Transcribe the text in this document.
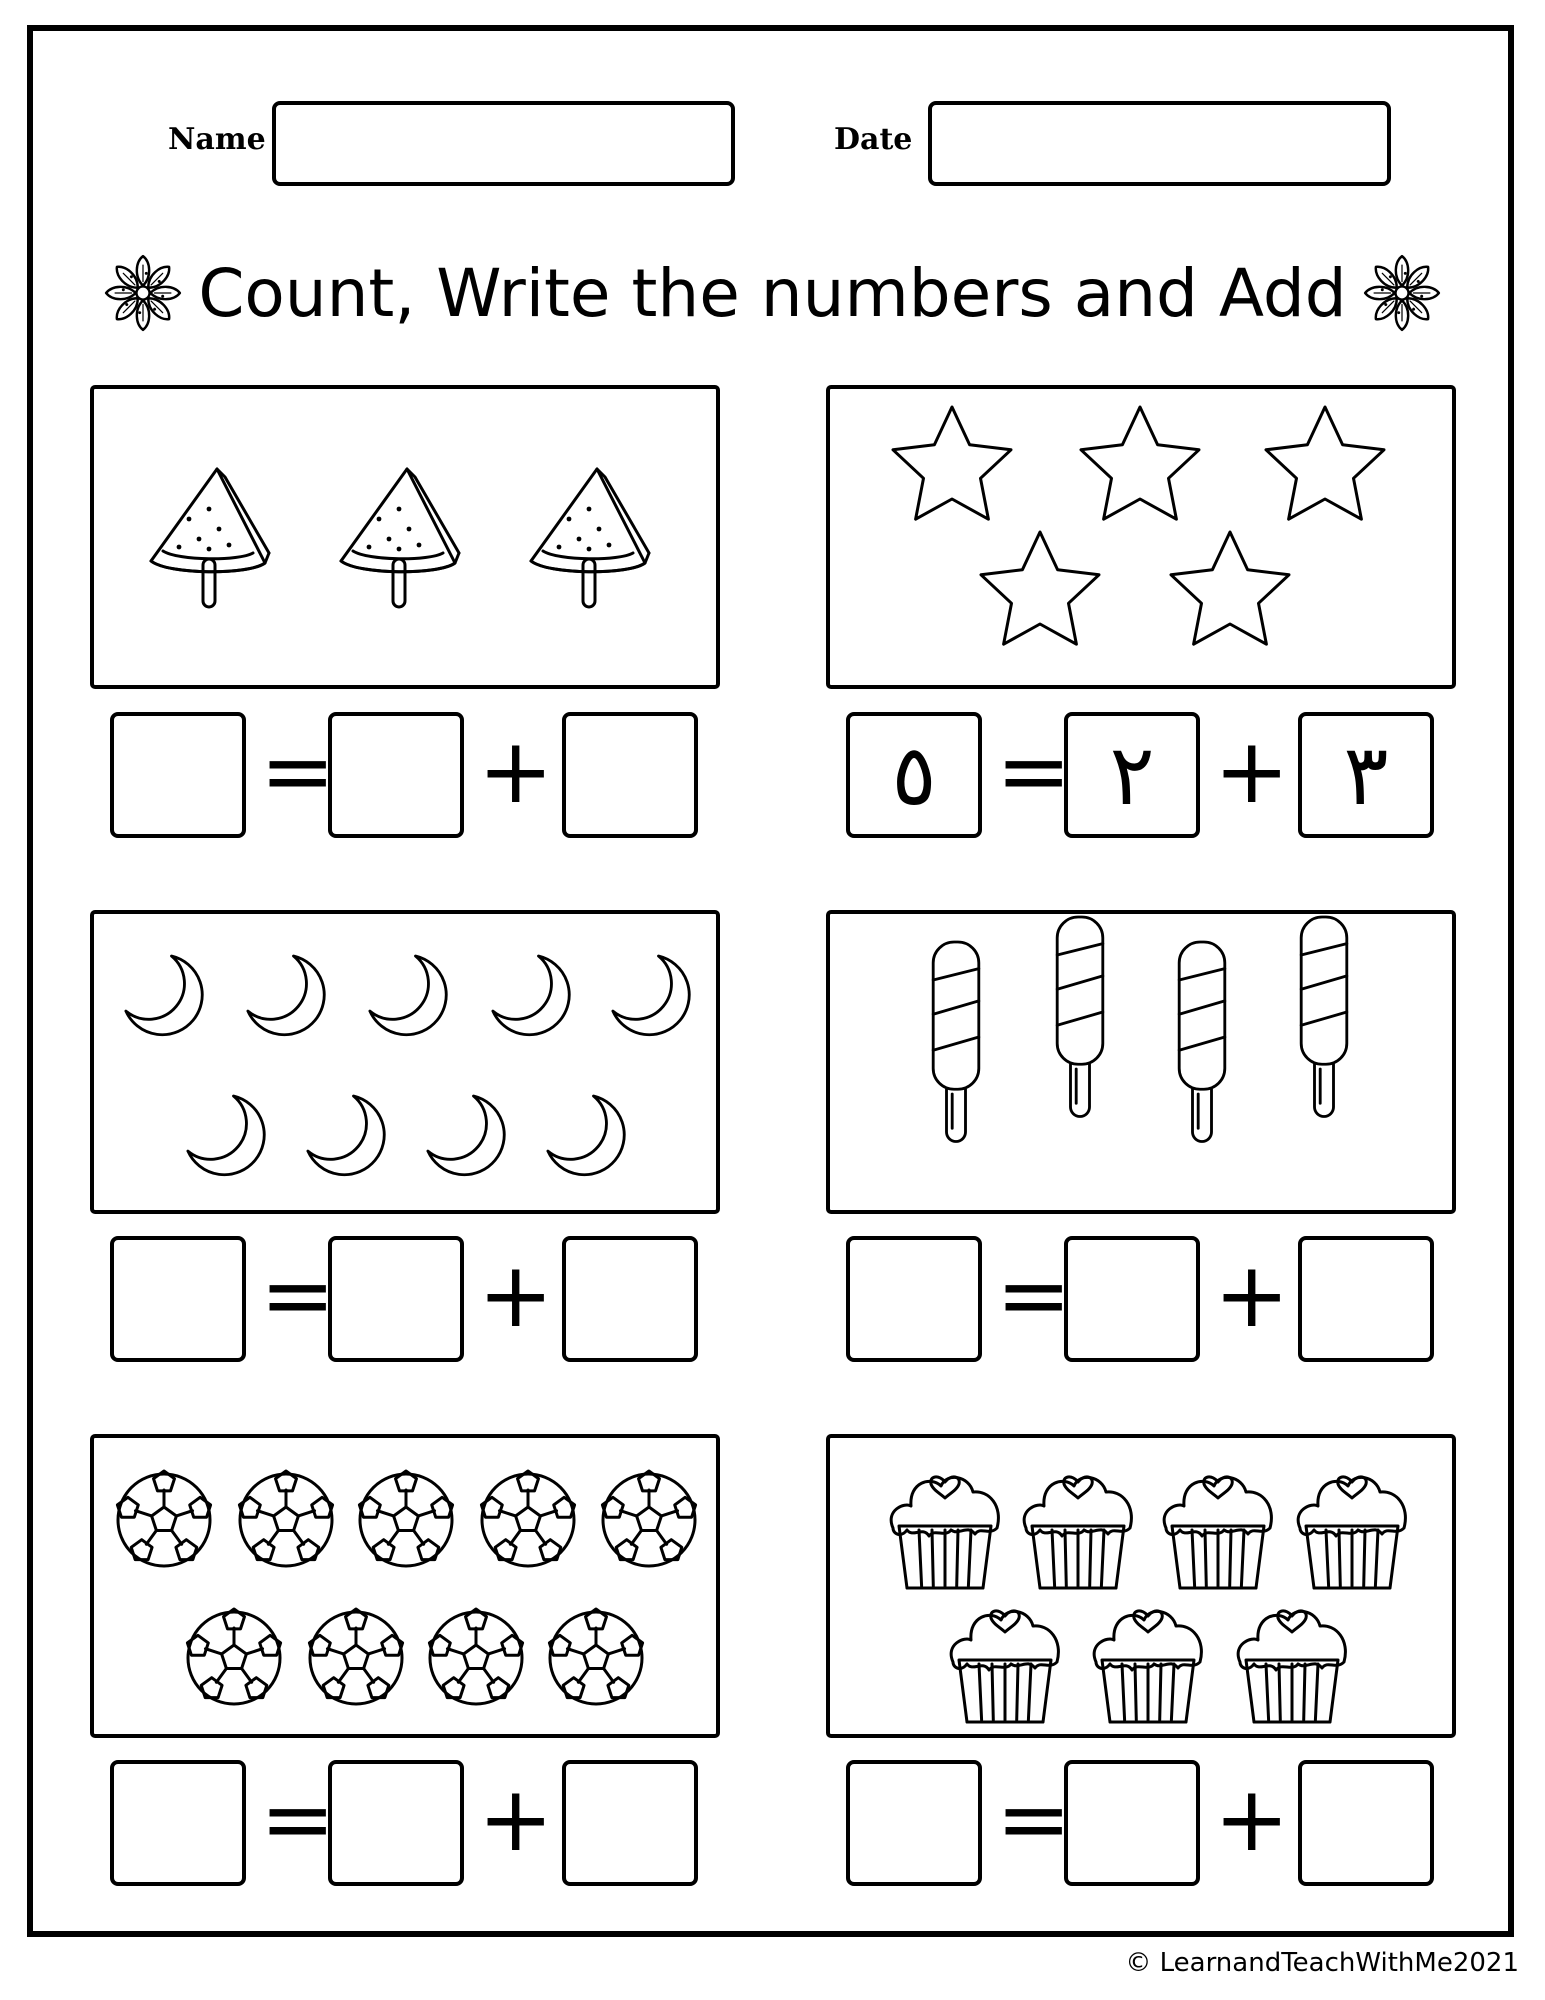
Name	Date
Count, Write the numbers and Add
= +	٥ = ٢ + ٣
= +	= +
= +	= +
© LearnandTeachWithMe2021
